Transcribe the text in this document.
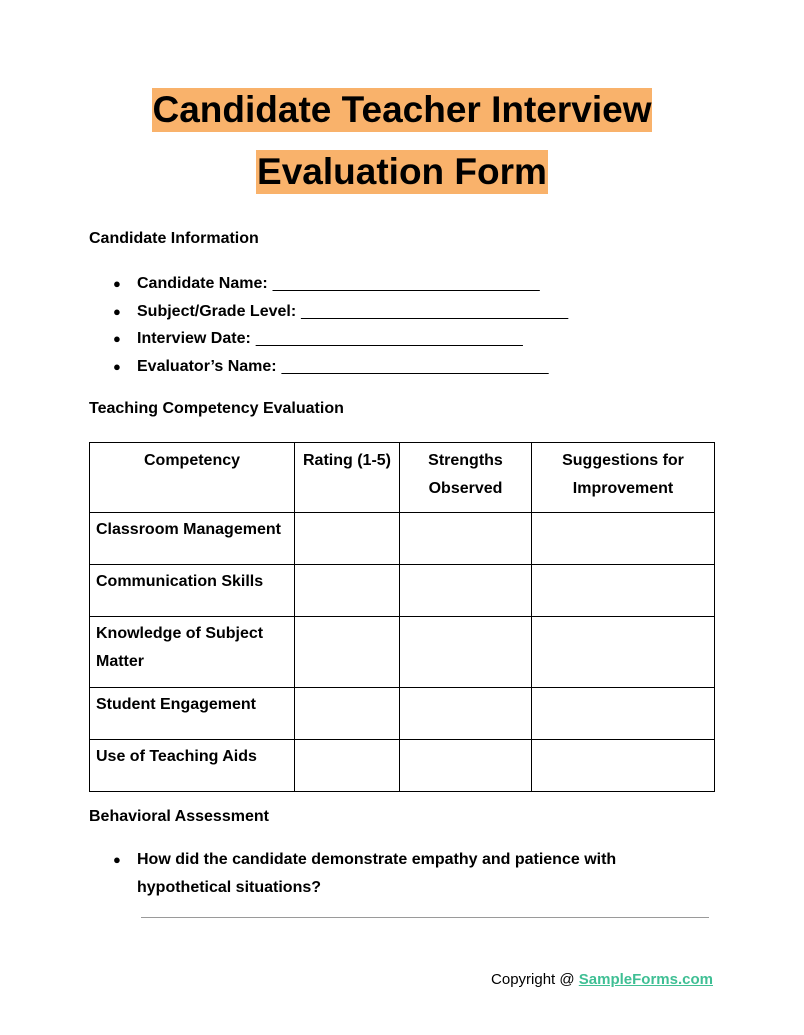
Candidate Teacher Interview
Evaluation Form
Candidate Information
● Candidate Name: ______________________________
● Subject/Grade Level: ______________________________
● Interview Date: ______________________________
● Evaluator’s Name: ______________________________
Teaching Competency Evaluation
Competency	Rating (1-5)	Strengths Observed	Suggestions for Improvement
Classroom Management			
Communication Skills			
Knowledge of Subject Matter			
Student Engagement			
Use of Teaching Aids			
Behavioral Assessment
● How did the candidate demonstrate empathy and patience with hypothetical situations?
Copyright @ SampleForms.com
